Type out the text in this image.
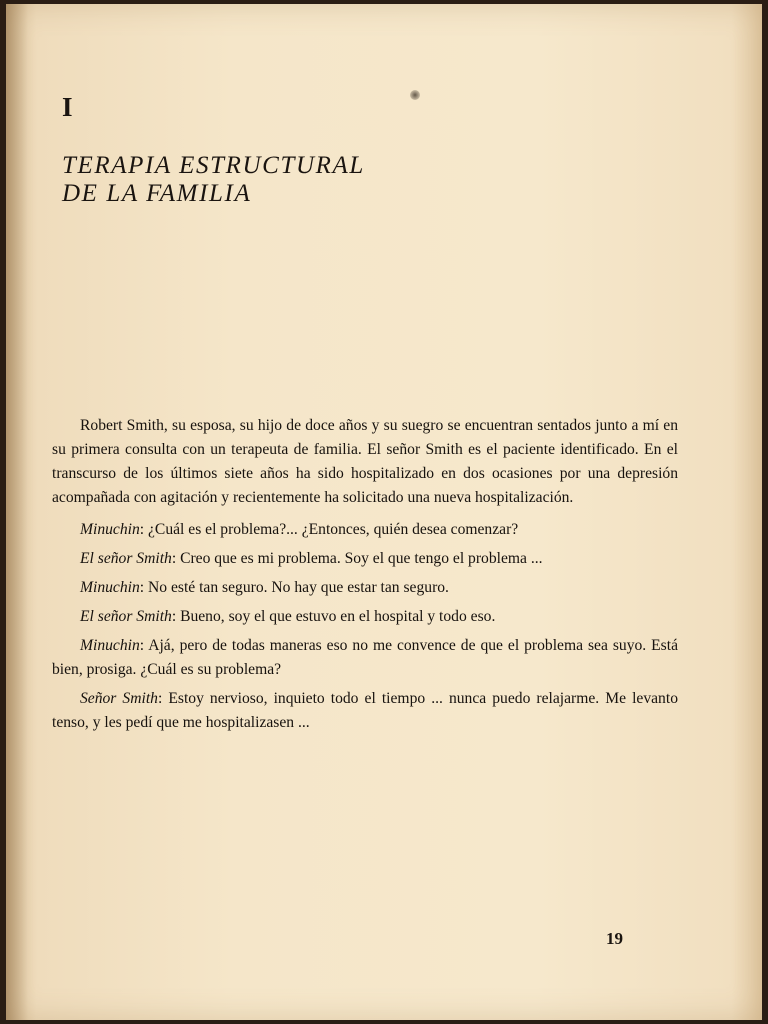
I
TERAPIA ESTRUCTURAL
DE LA FAMILIA

Robert Smith, su esposa, su hijo de doce años y su suegro se encuentran sentados junto a mí en su primera consulta con un terapeuta de familia. El señor Smith es el paciente identificado. En el transcurso de los últimos siete años ha sido hospitalizado en dos ocasiones por una depresión acompañada con agitación y recientemente ha solicitado una nueva hospitalización.

Minuchin: ¿Cuál es el problema?... ¿Entonces, quién desea comenzar?

El señor Smith: Creo que es mi problema. Soy el que tengo el problema ...

Minuchin: No esté tan seguro. No hay que estar tan seguro.

El señor Smith: Bueno, soy el que estuvo en el hospital y todo eso.

Minuchin: Ajá, pero de todas maneras eso no me convence de que el problema sea suyo. Está bien, prosiga. ¿Cuál es su problema?

Señor Smith: Estoy nervioso, inquieto todo el tiempo ... nunca puedo relajarme. Me levanto tenso, y les pedí que me hospitalizasen ...

19
